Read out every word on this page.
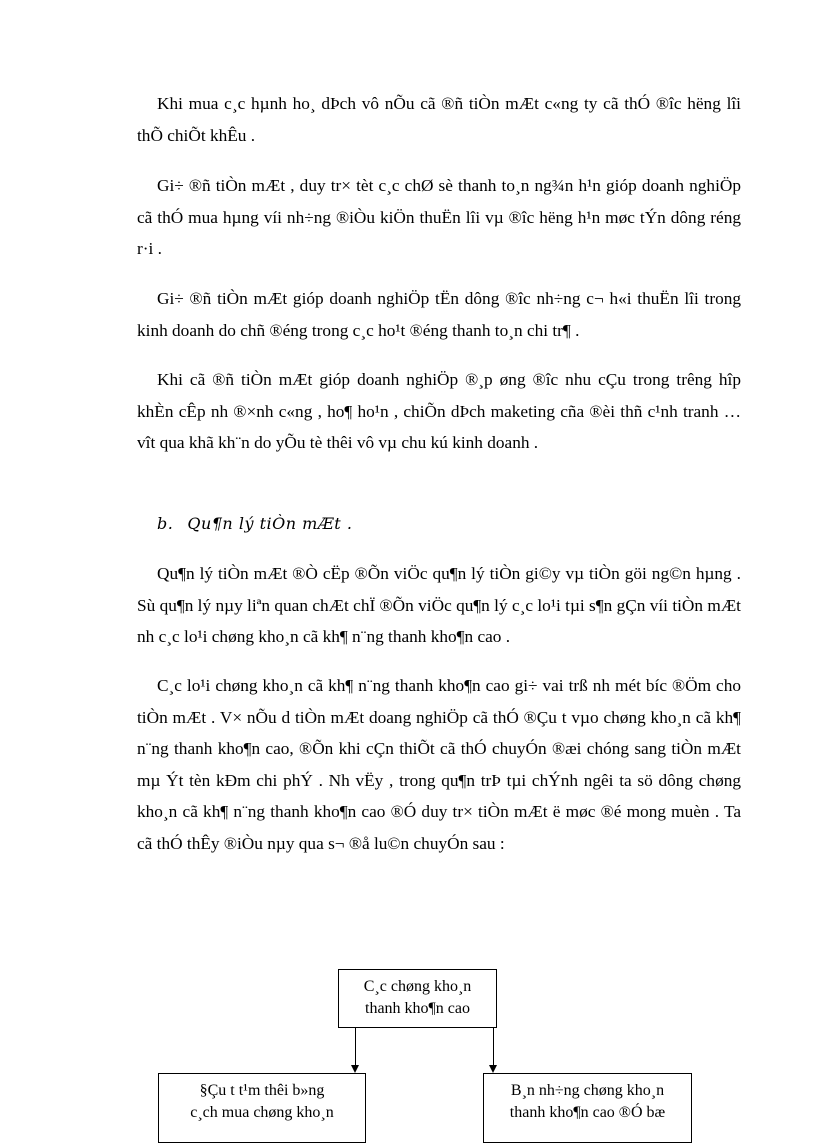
Khi mua c¸c hµnh ho¸ dÞch vô nÕu cã ®ñ tiÒn mÆt c«ng ty cã thÓ ®îc hëng lîi thÕ chiÕt khÊu .

Gi÷ ®ñ tiÒn mÆt , duy tr× tèt c¸c chØ sè thanh to¸n ng¾n h¹n gióp doanh nghiÖp cã thÓ mua hµng víi nh÷ng ®iÒu kiÖn thuËn lîi vµ ®îc hëng h¹n møc tÝn dông réng r·i .

Gi÷ ®ñ tiÒn mÆt gióp doanh nghiÖp tËn dông ®îc nh÷ng c¬ h«i thuËn lîi trong kinh doanh do chñ ®éng trong c¸c ho¹t ®éng thanh to¸n chi tr¶ .

Khi cã ®ñ tiÒn mÆt gióp doanh nghiÖp ®¸p øng ®îc nhu cÇu trong trêng hîp khÈn cÊp nh ®×nh c«ng , ho¶ ho¹n , chiÕn dÞch maketing cña ®èi thñ c¹nh tranh … vît qua khã kh¨n do yÕu tè thêi vô vµ chu kú kinh doanh .

b. Qu¶n lý tiÒn mÆt .

Qu¶n lý tiÒn mÆt ®Ò cËp ®Õn viÖc qu¶n lý tiÒn gi©y vµ tiÒn göi ng©n hµng . Sù qu¶n lý nµy liªn quan chÆt chÏ ®Õn viÖc qu¶n lý c¸c lo¹i tµi s¶n gÇn víi tiÒn mÆt nh c¸c lo¹i chøng kho¸n cã kh¶ n¨ng thanh kho¶n cao .

C¸c lo¹i chøng kho¸n cã kh¶ n¨ng thanh kho¶n cao gi÷ vai trß nh mét bíc ®Öm cho tiÒn mÆt . V× nÕu d tiÒn mÆt doang nghiÖp cã thÓ ®Çu t vµo chøng kho¸n cã kh¶ n¨ng thanh kho¶n cao, ®Õn khi cÇn thiÕt cã thÓ chuyÓn ®æi chóng sang tiÒn mÆt mµ Ýt tèn kÐm chi phÝ . Nh vËy , trong qu¶n trÞ tµi chÝnh ngêi ta sö dông chøng kho¸n cã kh¶ n¨ng thanh kho¶n cao ®Ó duy tr× tiÒn mÆt ë møc ®é mong muèn . Ta cã thÓ thÊy ®iÒu nµy qua s¬ ®å lu©n chuyÓn sau :

C¸c chøng kho¸n
thanh kho¶n cao
§Çu t t¹m thêi b»ng
c¸ch mua chøng kho¸n
B¸n nh÷ng chøng kho¸n
thanh kho¶n cao ®Ó bæ
